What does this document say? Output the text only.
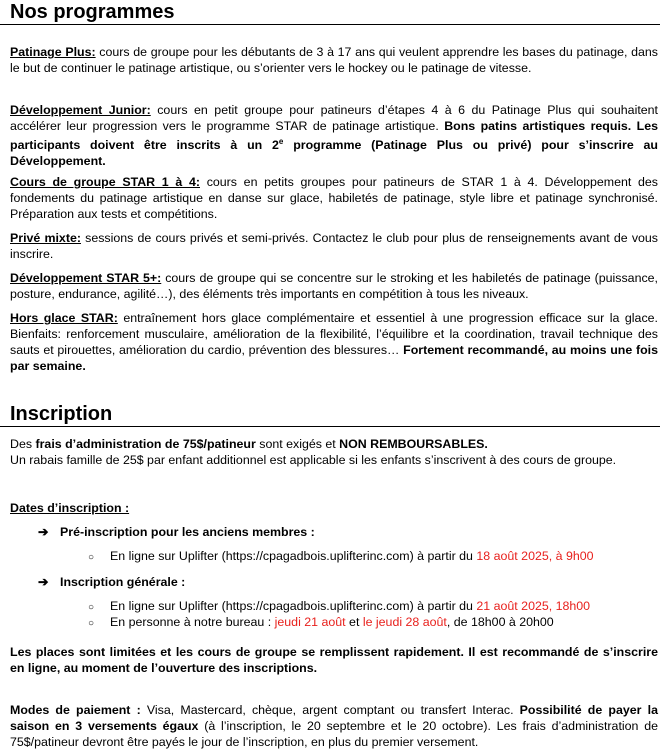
Nos programmes

Patinage Plus: cours de groupe pour les débutants de 3 à 17 ans qui veulent apprendre les bases du patinage, dans le but de continuer le patinage artistique, ou s’orienter vers le hockey ou le patinage de vitesse.

Développement Junior: cours en petit groupe pour patineurs d’étapes 4 à 6 du Patinage Plus qui souhaitent accélérer leur progression vers le programme STAR de patinage artistique. Bons patins artistiques requis. Les participants doivent être inscrits à un 2e programme (Patinage Plus ou privé) pour s’inscrire au Développement.

Cours de groupe STAR 1 à 4: cours en petits groupes pour patineurs de STAR 1 à 4. Développement des fondements du patinage artistique en danse sur glace, habiletés de patinage, style libre et patinage synchronisé. Préparation aux tests et compétitions.

Privé mixte: sessions de cours privés et semi-privés. Contactez le club pour plus de renseignements avant de vous inscrire.

Développement STAR 5+: cours de groupe qui se concentre sur le stroking et les habiletés de patinage (puissance, posture, endurance, agilité…), des éléments très importants en compétition à tous les niveaux.

Hors glace STAR: entraînement hors glace complémentaire et essentiel à une progression efficace sur la glace. Bienfaits: renforcement musculaire, amélioration de la flexibilité, l’équilibre et la coordination, travail technique des sauts et pirouettes, amélioration du cardio, prévention des blessures… Fortement recommandé, au moins une fois par semaine.

Inscription

Des frais d’administration de 75$/patineur sont exigés et NON REMBOURSABLES.
Un rabais famille de 25$ par enfant additionnel est applicable si les enfants s’inscrivent à des cours de groupe.

Dates d’inscription :

➔ Pré-inscription pour les anciens membres :
○ En ligne sur Uplifter (https://cpagadbois.uplifterinc.com) à partir du 18 août 2025, à 9h00
➔ Inscription générale :
○ En ligne sur Uplifter (https://cpagadbois.uplifterinc.com) à partir du 21 août 2025, 18h00
○ En personne à notre bureau : jeudi 21 août et le jeudi 28 août, de 18h00 à 20h00

Les places sont limitées et les cours de groupe se remplissent rapidement. Il est recommandé de s’inscrire en ligne, au moment de l’ouverture des inscriptions.

Modes de paiement : Visa, Mastercard, chèque, argent comptant ou transfert Interac. Possibilité de payer la saison en 3 versements égaux (à l’inscription, le 20 septembre et le 20 octobre). Les frais d’administration de 75$/patineur devront être payés le jour de l’inscription, en plus du premier versement.
